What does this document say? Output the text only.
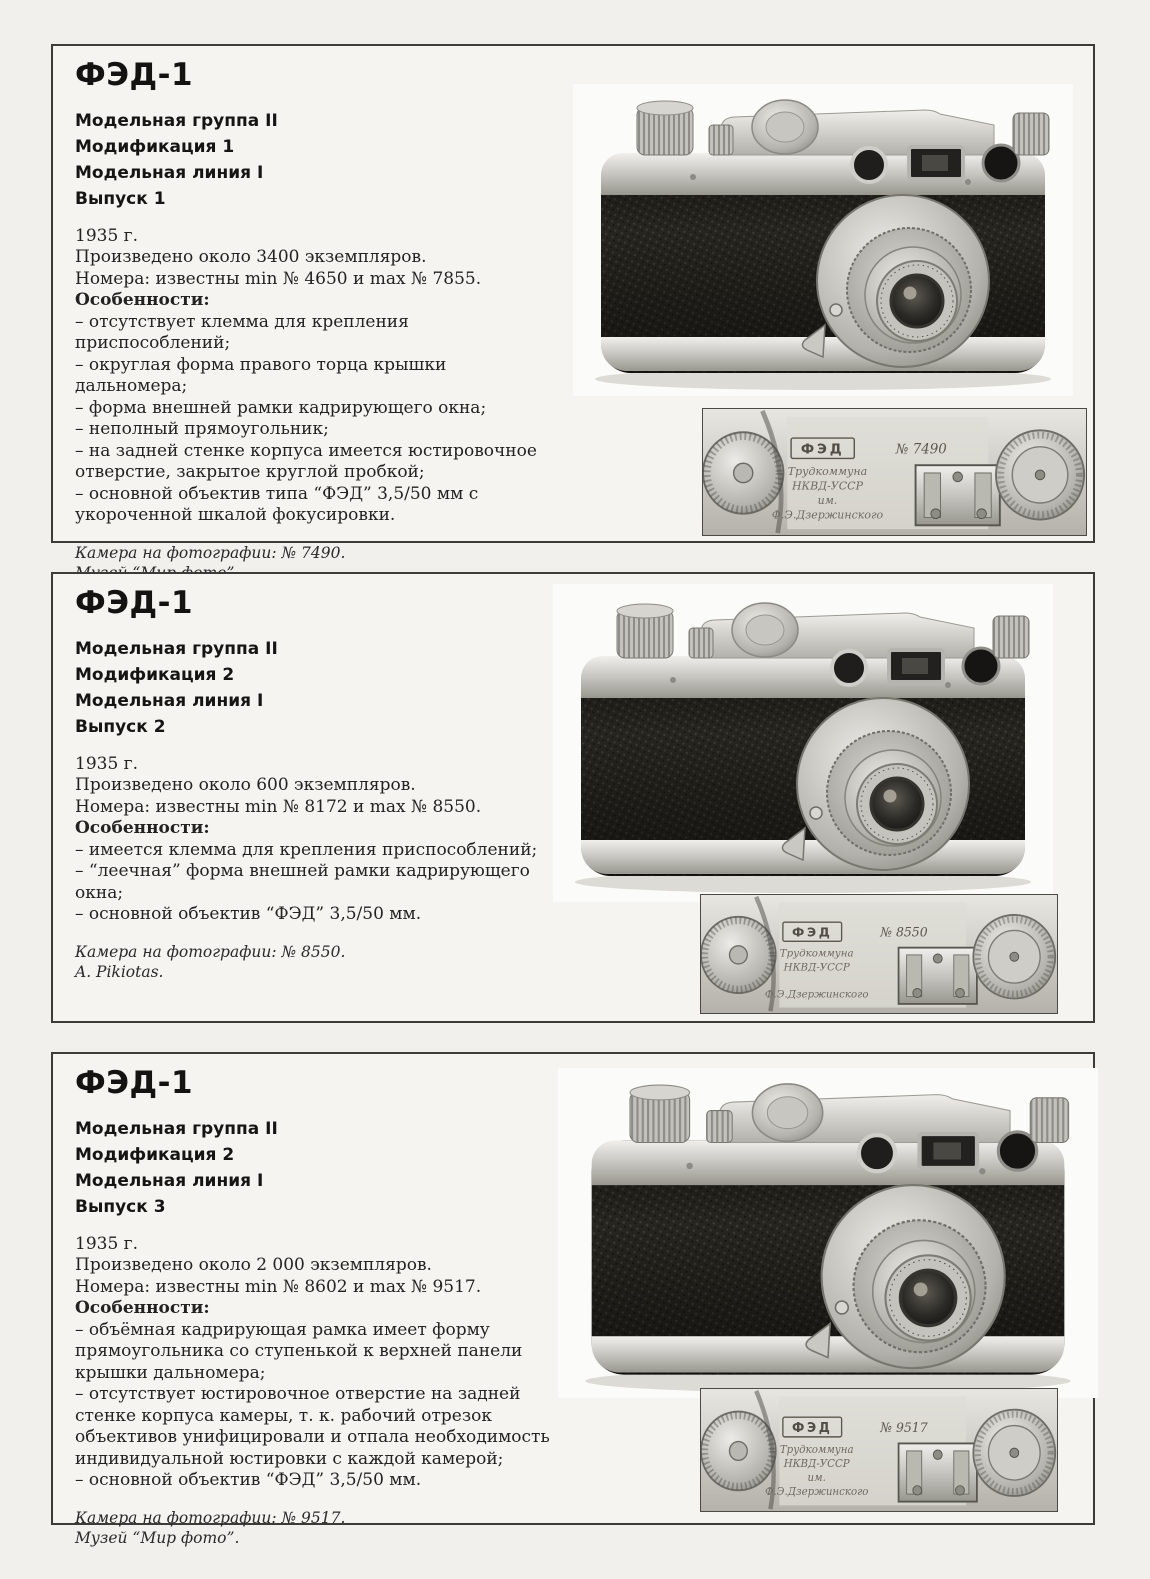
ФЭД-1

Модельная группа II

Модификация 1

Модельная линия I

Выпуск 1

1935 г.

Произведено около 3400 экземпляров.

Номера: известны min № 4650 и max № 7855.

Особенности:

– отсутствует клемма для крепления приспособлений;

– округлая форма правого торца крышки дальномера;

– форма внешней рамки кадрирующего окна;

– неполный прямоугольник;

– на задней стенке корпуса имеется юстировочное отверстие, закрытое круглой пробкой;

– основной объектив типа “ФЭД” 3,5/50 мм с укороченной шкалой фокусировки.

Камера на фотографии: № 7490.

ФЭД	№ 7490
Трудкоммуна
НКВД-УССР
им.
Ф.Э.Дзержинского
ФЭД-1

Модельная группа II

Модификация 2

Модельная линия I

Выпуск 2

1935 г.

Произведено около 600 экземпляров.

Номера: известны min № 8172 и max № 8550.

Особенности:

– имеется клемма для крепления приспособлений;

– “леечная” форма внешней рамки кадрирующего окна;

– основной объектив “ФЭД” 3,5/50 мм.

Камера на фотографии: № 8550.

A. Pikiotas.

ФЭД	№ 8550
Трудкоммуна
НКВД-УССР
Ф.Э.Дзержинского
ФЭД-1

Модельная группа II

Модификация 2

Модельная линия I

Выпуск 3

1935 г.

Произведено около 2 000 экземпляров.

Номера: известны min № 8602 и max № 9517.

Особенности:

– объёмная кадрирующая рамка имеет форму прямоугольника со ступенькой к верхней панели крышки дальномера;

– отсутствует юстировочное отверстие на задней стенке корпуса камеры, т. к. рабочий отрезок объективов унифицировали и отпала необходимость индивидуальной юстировки с каждой камерой;

– основной объектив “ФЭД” 3,5/50 мм.

Камера на фотографии: № 9517.

Музей “Мир фото”.

ФЭД	№ 9517
Трудкоммуна
НКВД-УССР
им.
Ф.Э.Дзержинского
